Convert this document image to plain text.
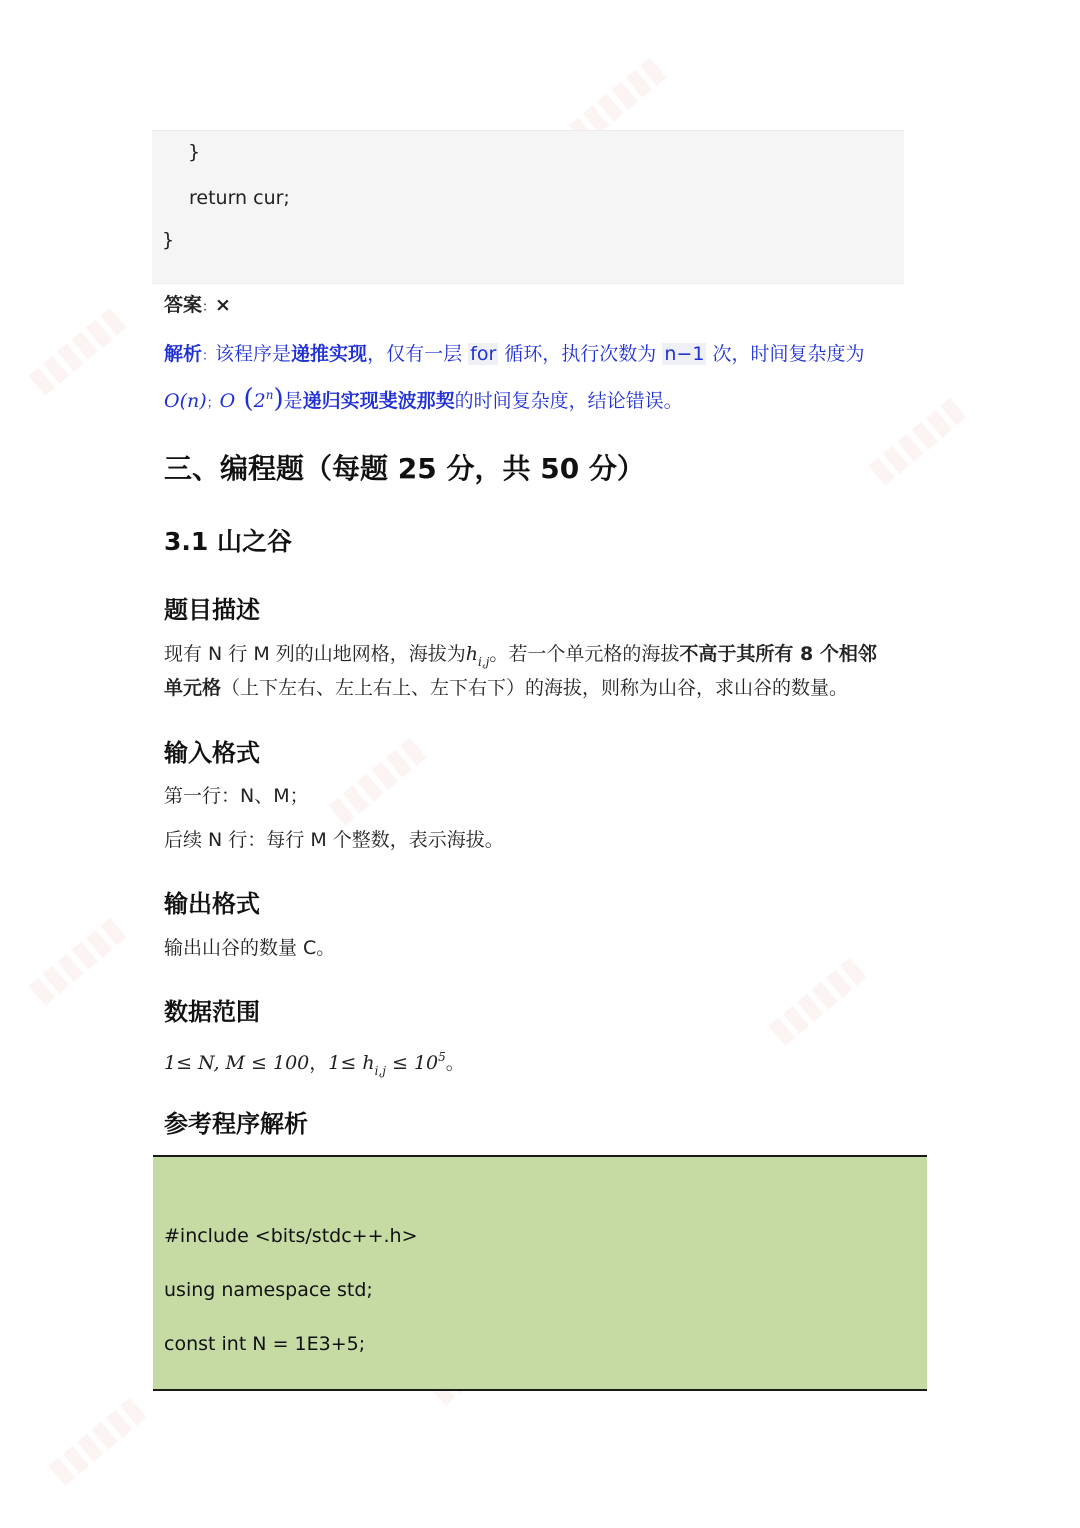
▮▮▮▮▮▮
▮▮▮▮▮▮
▮▮▮▮▮▮
▮▮▮▮▮▮
▮▮▮▮▮▮	▮▮▮▮▮▮
▮▮▮▮▮▮
}
return cur;
}
答案：×
解析：该程序是递推实现，仅有一层 for 循环，执行次数为 n−1 次，时间复杂度为
O(n)；O (2$^n$)是递归实现斐波那契的时间复杂度，结论错误。
三、编程题（每题 25 分，共 50 分）
3.1 山之谷
题目描述
现有 N 行 M 列的山地网格，海拔为$h_{i,j}$。若一个单元格的海拔不高于其所有 8 个相邻
单元格（上下左右、左上右上、左下右下）的海拔，则称为山谷，求山谷的数量。
输入格式
第一行：N、M；
后续 N 行：每行 M 个整数，表示海拔。
输出格式
输出山谷的数量 C。
数据范围
1≤ N, M ≤ 100，$1\le h_{i,j} \le 10^5$。
参考程序解析
#include <bits/stdc++.h>
using namespace std;
const int N = 1E3+5;
